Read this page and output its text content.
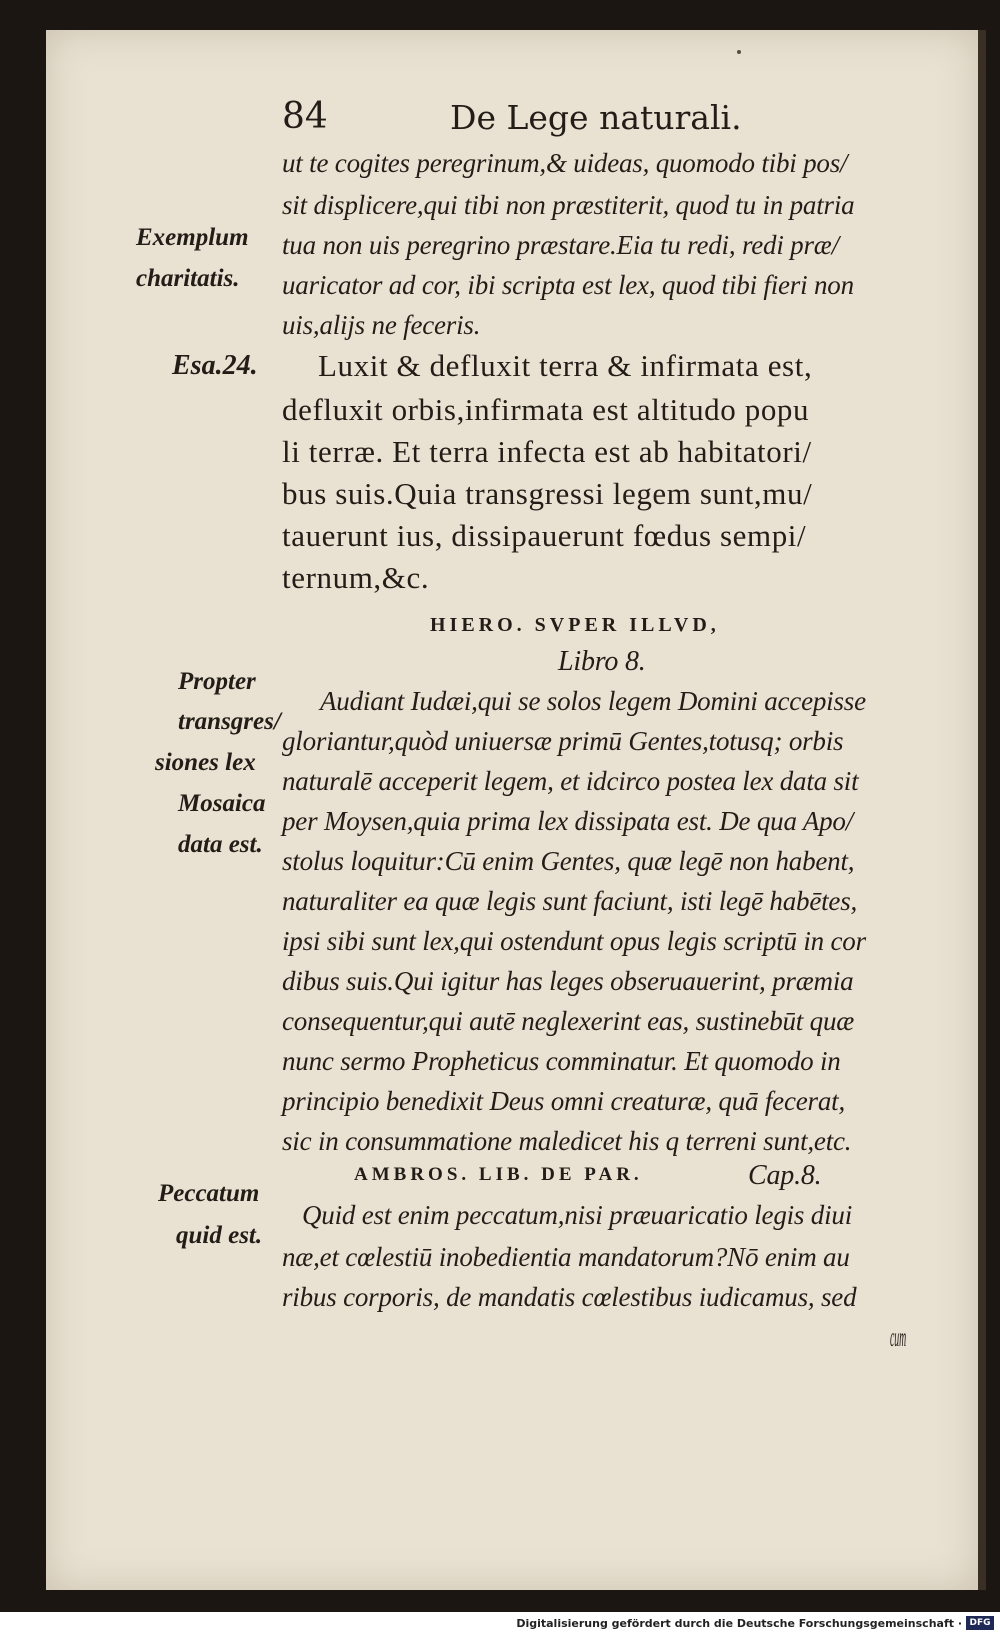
84	De Lege naturali.
Exemplum
charitatis.
Esa.24.
Propter
transgres/
siones lex
Mosaica
data est.
Peccatum
quid est.
ut te cogites peregrinum,& uideas, quomodo tibi pos/
sit displicere,qui tibi non præstiterit, quod tu in patria
tua non uis peregrino præstare.Eia tu redi, redi præ/
uaricator ad cor, ibi scripta est lex, quod tibi fieri non
uis,alijs ne feceris.
Luxit & defluxit terra & infirmata est,
defluxit orbis,infirmata est altitudo popu
li terræ. Et terra infecta est ab habitatori/
bus suis.Quia transgressi legem sunt,mu/
tauerunt ius, dissipauerunt fœdus sempi/
ternum,&c.
HIERO. SVPER ILLVD,
Libro 8.
Audiant Iudæi,qui se solos legem Domini accepisse
gloriantur,quòd uniuersæ primū Gentes,totusq; orbis
naturalē acceperit legem, et idcirco postea lex data sit
per Moysen,quia prima lex dissipata est. De qua Apo/
stolus loquitur:Cū enim Gentes, quæ legē non habent,
naturaliter ea quæ legis sunt faciunt, isti legē habētes,
ipsi sibi sunt lex,qui ostendunt opus legis scriptū in cor
dibus suis.Qui igitur has leges obseruauerint, præmia
consequentur,qui autē neglexerint eas, sustinebūt quæ
nunc sermo Propheticus comminatur. Et quomodo in
principio benedixit Deus omni creaturæ, quā fecerat,
sic in consummatione maledicet his q terreni sunt,etc.
AMBROS. LIB. DE PAR.	Cap.8.
Quid est enim peccatum,nisi præuaricatio legis diui
næ,et cœlestiū inobedientia mandatorum?Nō enim au
ribus corporis, de mandatis cœlestibus iudicamus, sed
cum
Digitalisierung gefördert durch die Deutsche Forschungsgemeinschaft · DFG
